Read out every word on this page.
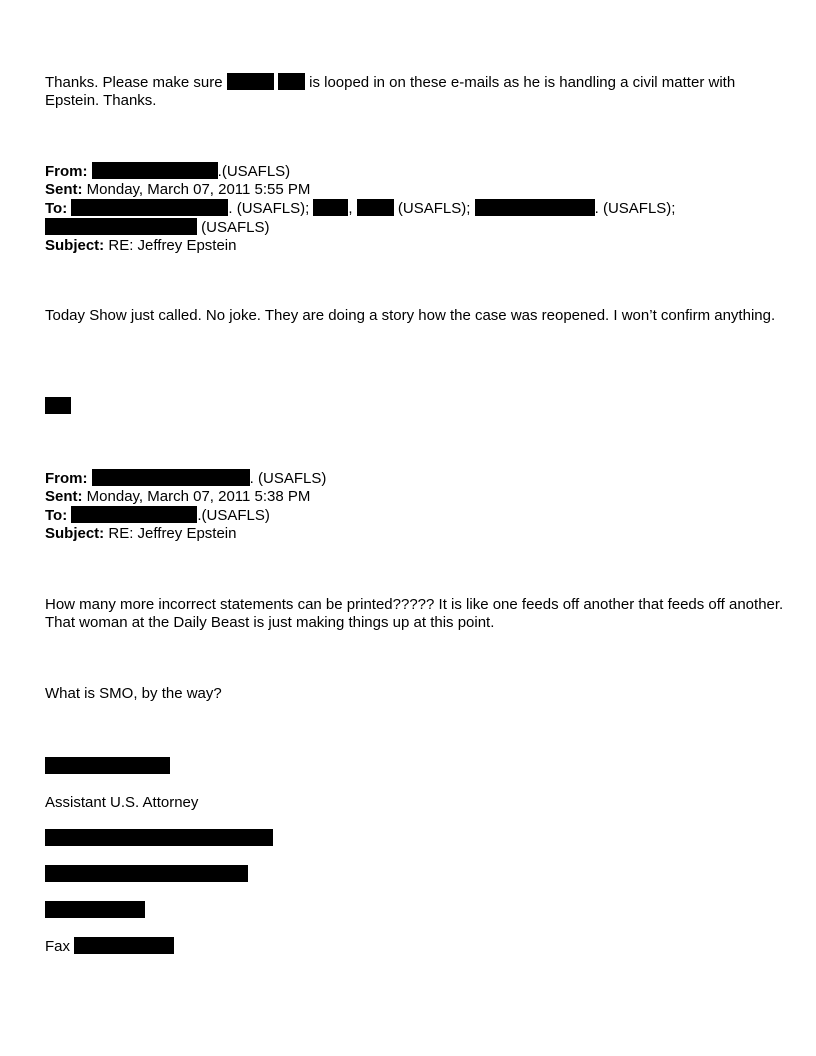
Thanks. Please make sure	is looped in on these e-mails as he is handling a civil matter with Epstein. Thanks.
From:	.(USAFLS)
Sent: Monday, March 07, 2011 5:55 PM
To:	. (USAFLS); ,  (USAFLS);	. (USAFLS);
(USAFLS)
Subject: RE: Jeffrey Epstein
Today Show just called. No joke. They are doing a story how the case was reopened. I won’t confirm anything.
From:	. (USAFLS)
Sent: Monday, March 07, 2011 5:38 PM
To:	.(USAFLS)
Subject: RE: Jeffrey Epstein
How many more incorrect statements can be printed????? It is like one feeds off another that feeds off another. That woman at the Daily Beast is just making things up at this point.
What is SMO, by the way?
Assistant U.S. Attorney
Fax
